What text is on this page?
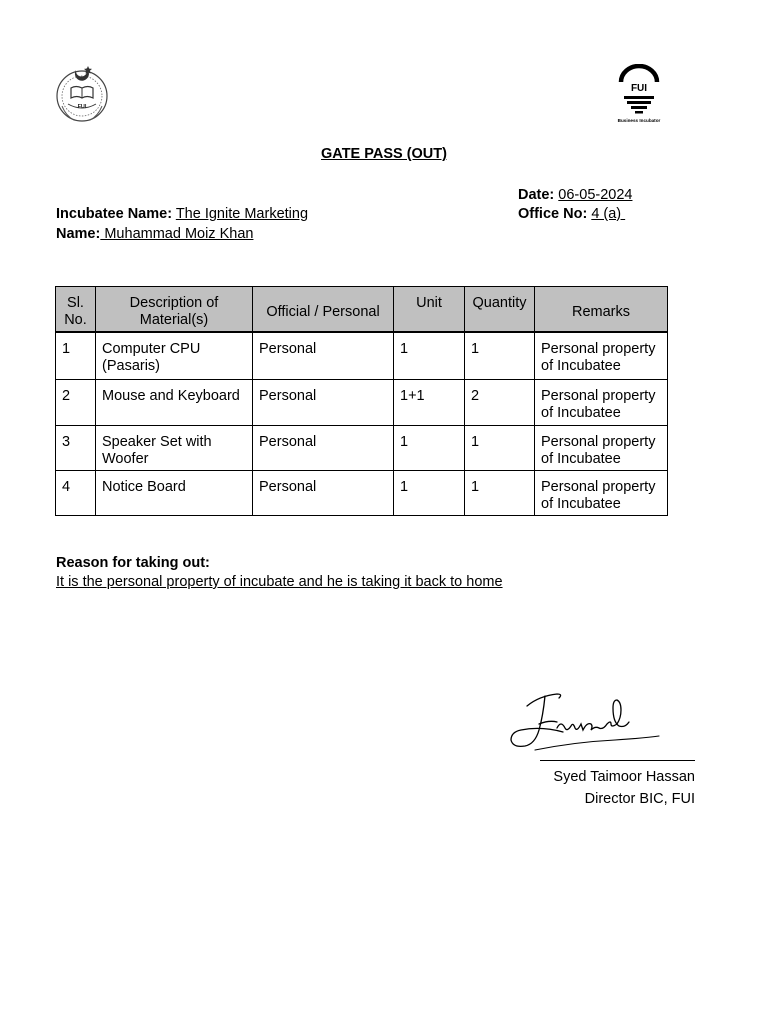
FUI
FUI
Business Incubator
GATE PASS (OUT)
Date: 06-05-2024
Office No: 4 (a)
Incubatee Name: The Ignite Marketing
Name: Muhammad Moiz Khan
Sl. No.	Description of Material(s)	Official / Personal	Unit	Quantity	Remarks
1	Computer CPU (Pasaris)	Personal	1	1	Personal property of Incubatee
2	Mouse and Keyboard	Personal	1+1	2	Personal property of Incubatee
3	Speaker Set with Woofer	Personal	1	1	Personal property of Incubatee
4	Notice Board	Personal	1	1	Personal property of Incubatee
Reason for taking out:
It is the personal property of incubate and he is taking it back to home
Syed Taimoor Hassan
Director BIC, FUI
